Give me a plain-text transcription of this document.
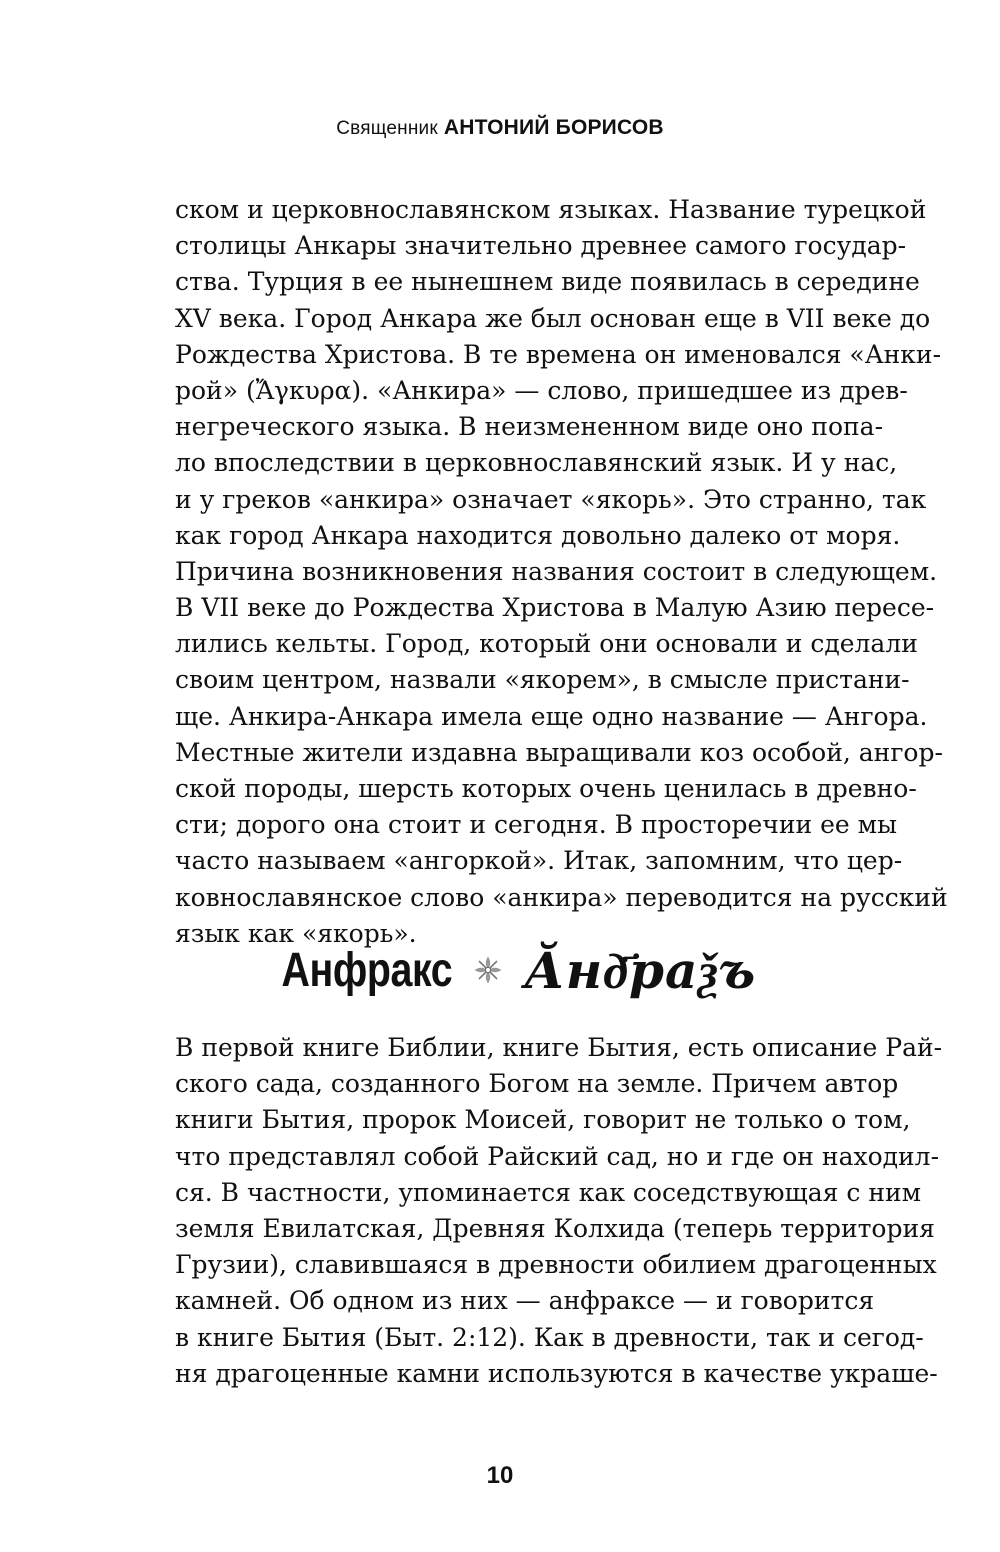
Священник АНТОНИЙ БОРИСОВ
ском и церковнославянском языках. Название турецкой
столицы Анкары значительно древнее самого государ-
ства. Турция в ее нынешнем виде появилась в середине
XV века. Город Анкара же был основан еще в VII веке до
Рождества Христова. В те времена он именовался «Анки-
рой» (Ἄγκυρα). «Анкира» — слово, пришедшее из древ-
негреческого языка. В неизмененном виде оно попа-
ло впоследствии в церковнославянский язык. И у нас,
и у греков «анкира» означает «якорь». Это странно, так
как город Анкара находится довольно далеко от моря.
Причина возникновения названия состоит в следующем.
В VII веке до Рождества Христова в Малую Азию пересе-
лились кельты. Город, который они основали и сделали
своим центром, назвали «якорем», в смысле пристани-
ще. Анкира-Анкара имела еще одно название — Ангора.
Местные жители издавна выращивали коз особой, ангор-
ской породы, шерсть которых очень ценилась в древно-
сти; дорого она стоит и сегодня. В просторечии ее мы
часто называем «ангоркой». Итак, запомним, что цер-
ковнославянское слово «анкира» переводится на русский
язык как «якорь».
Анфракс Ӑнд҃раѯъ
В первой книге Библии, книге Бытия, есть описание Рай-
ского сада, созданного Богом на земле. Причем автор
книги Бытия, пророк Моисей, говорит не только о том,
что представлял собой Райский сад, но и где он находил-
ся. В частности, упоминается как соседствующая с ним
земля Евилатская, Древняя Колхида (теперь территория
Грузии), славившаяся в древности обилием драгоценных
камней. Об одном из них — анфраксе — и говорится
в книге Бытия (Быт. 2:12). Как в древности, так и сегод-
ня драгоценные камни используются в качестве украше-
10
